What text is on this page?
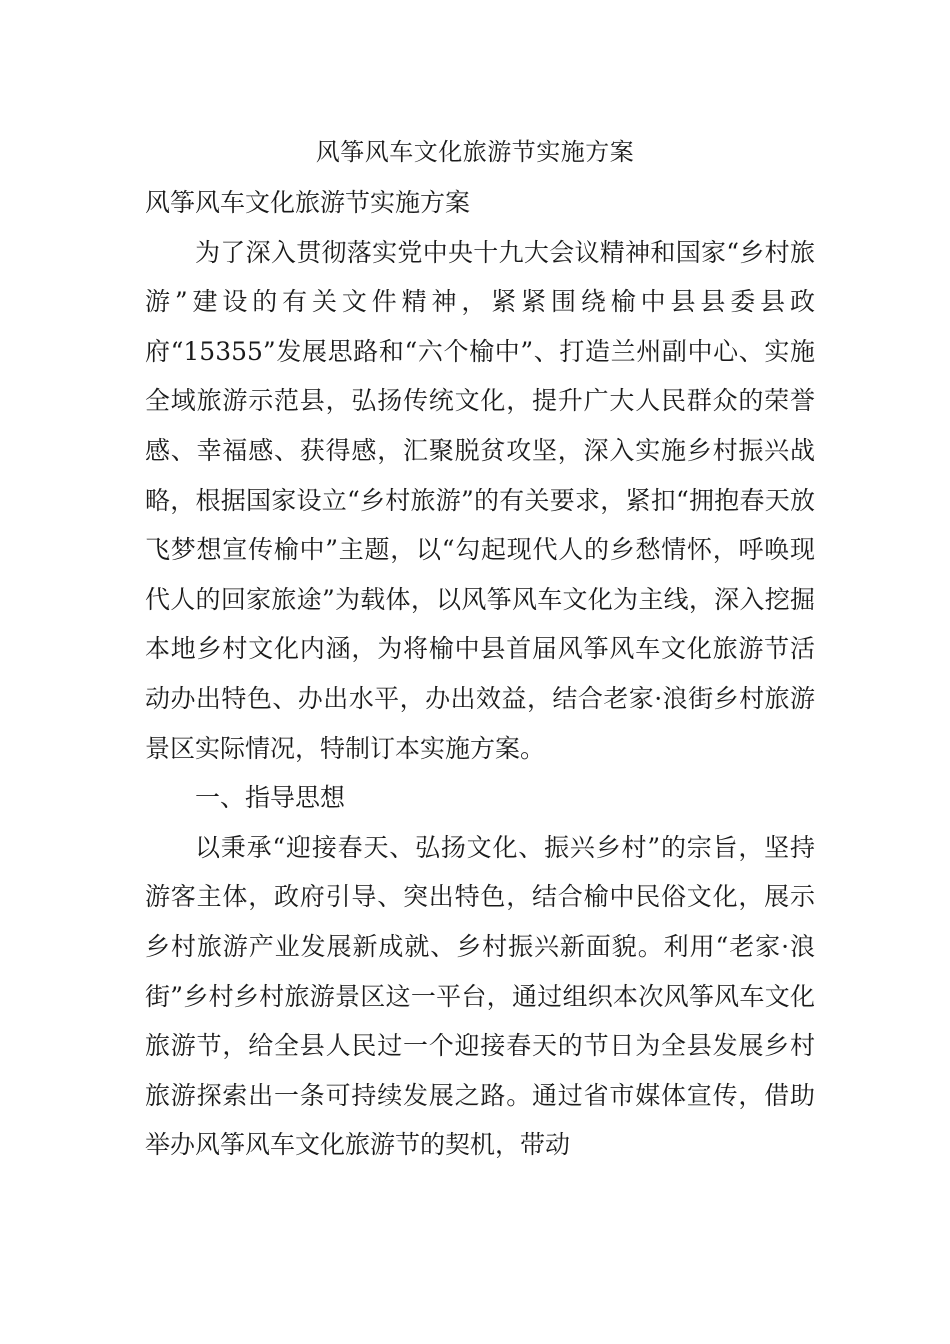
风筝风车文化旅游节实施方案

风筝风车文化旅游节实施方案

为了深入贯彻落实党中央十九大会议精神和国家“乡村旅游”建设的有关文件精神，紧紧围绕榆中县县委县政府“15355”发展思路和“六个榆中”、打造兰州副中心、实施全域旅游示范县，弘扬传统文化，提升广大人民群众的荣誉感、幸福感、获得感，汇聚脱贫攻坚，深入实施乡村振兴战略，根据国家设立“乡村旅游”的有关要求，紧扣“拥抱春天放飞梦想宣传榆中”主题，以“勾起现代人的乡愁情怀，呼唤现代人的回家旅途”为载体，以风筝风车文化为主线，深入挖掘本地乡村文化内涵，为将榆中县首届风筝风车文化旅游节活动办出特色、办出水平，办出效益，结合老家·浪街乡村旅游景区实际情况，特制订本实施方案。

一、指导思想

以秉承“迎接春天、弘扬文化、振兴乡村”的宗旨，坚持游客主体，政府引导、突出特色，结合榆中民俗文化，展示乡村旅游产业发展新成就、乡村振兴新面貌。利用“老家·浪街”乡村乡村旅游景区这一平台，通过组织本次风筝风车文化旅游节，给全县人民过一个迎接春天的节日为全县发展乡村旅游探索出一条可持续发展之路。通过省市媒体宣传，借助举办风筝风车文化旅游节的契机，带动
